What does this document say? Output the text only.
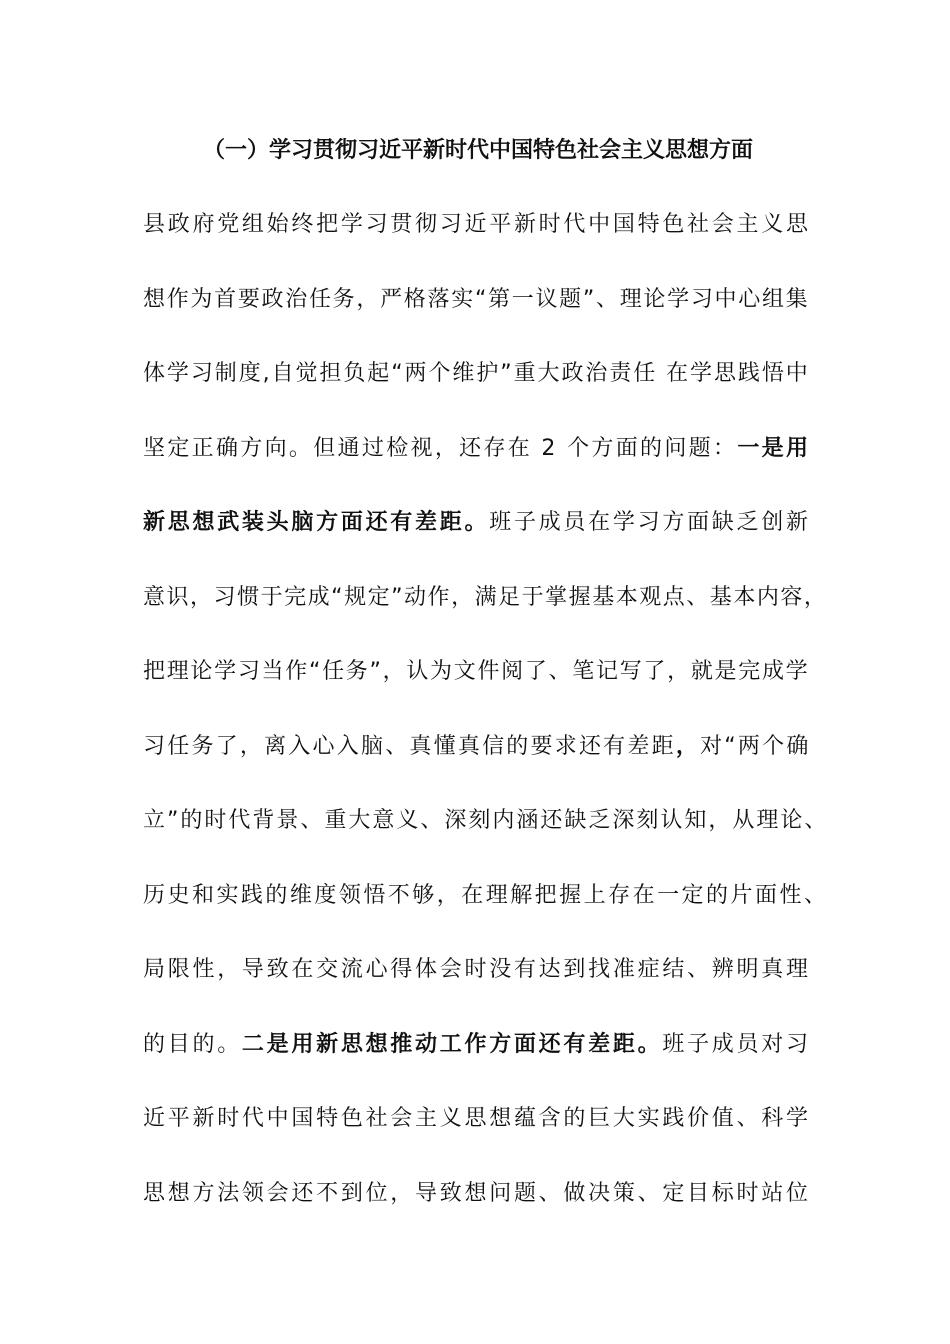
（一）学习贯彻习近平新时代中国特色社会主义思想方面
县政府党组始终把学习贯彻习近平新时代中国特色社会主义思
想作为首要政治任务，严格落实“第一议题”、理论学习中心组集
体学习制度,自觉担负起“两个维护”重大政治责任 在学思践悟中
坚定正确方向。但通过检视，还存在 2 个方面的问题：一是用
新思想武装头脑方面还有差距。班子成员在学习方面缺乏创新
意识，习惯于完成“规定”动作，满足于掌握基本观点、基本内容，
把理论学习当作“任务”，认为文件阅了、笔记写了，就是完成学
习任务了，离入心入脑、真懂真信的要求还有差距，对“两个确
立”的时代背景、重大意义、深刻内涵还缺乏深刻认知，从理论、
历史和实践的维度领悟不够，在理解把握上存在一定的片面性、
局限性，导致在交流心得体会时没有达到找准症结、辨明真理
的目的。二是用新思想推动工作方面还有差距。班子成员对习
近平新时代中国特色社会主义思想蕴含的巨大实践价值、科学
思想方法领会还不到位，导致想问题、做决策、定目标时站位
